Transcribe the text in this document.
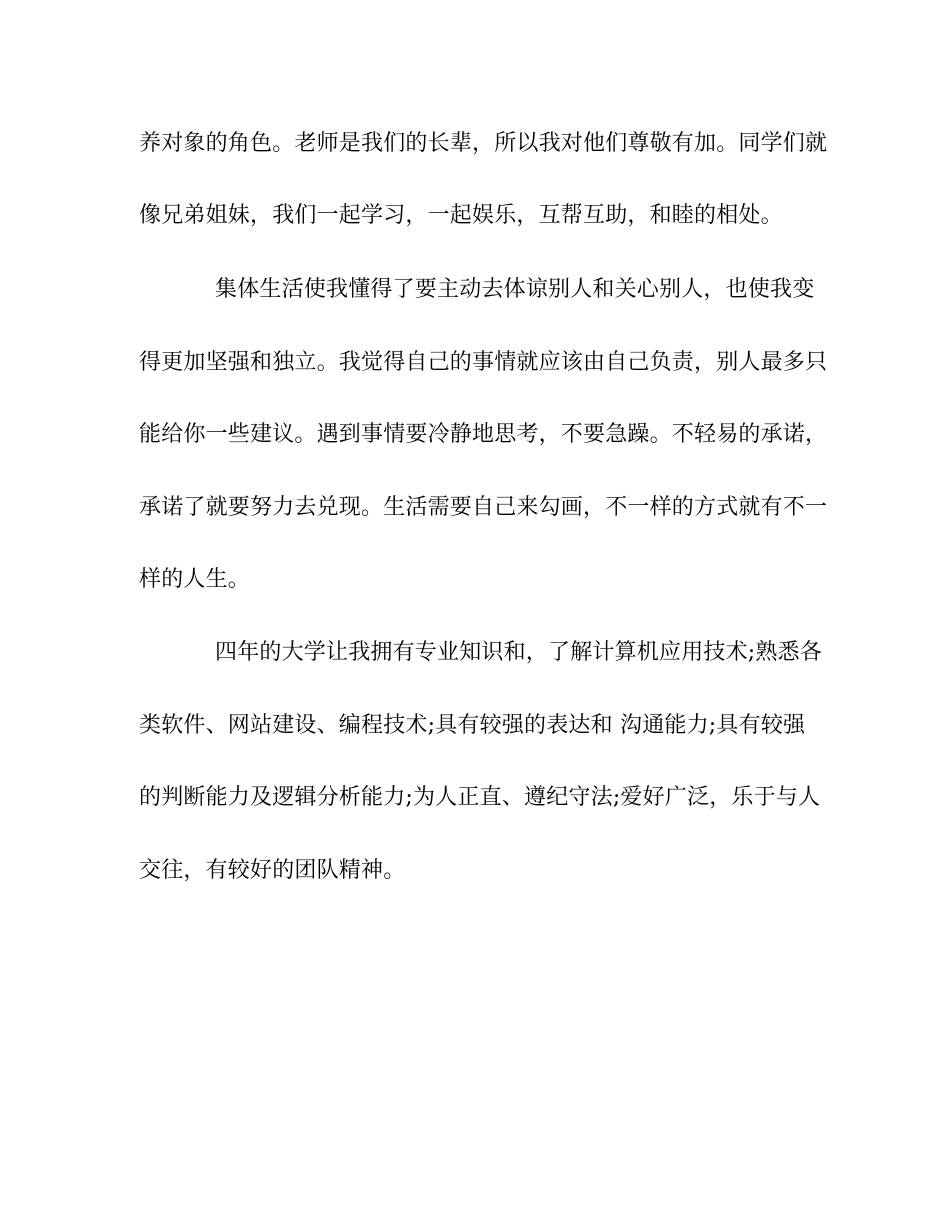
养对象的角色。老师是我们的长辈，所以我对他们尊敬有加。同学们就
像兄弟姐妹，我们一起学习，一起娱乐，互帮互助，和睦的相处。
集体生活使我懂得了要主动去体谅别人和关心别人，也使我变
得更加坚强和独立。我觉得自己的事情就应该由自己负责，别人最多只
能给你一些建议。遇到事情要冷静地思考，不要急躁。不轻易的承诺，
承诺了就要努力去兑现。生活需要自己来勾画，不一样的方式就有不一
样的人生。
四年的大学让我拥有专业知识和，了解计算机应用技术;熟悉各
类软件、网站建设、编程技术;具有较强的表达和 沟通能力;具有较强
的判断能力及逻辑分析能力;为人正直、遵纪守法;爱好广泛，乐于与人
交往，有较好的团队精神。
